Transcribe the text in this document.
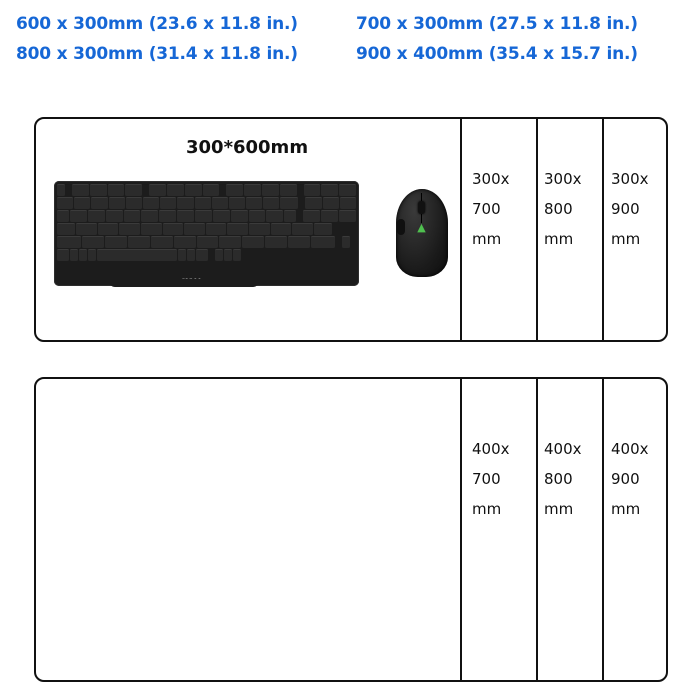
600 x 300mm (23.6 x 11.8 in.)	700 x 300mm (27.5 x 11.8 in.)
800 x 300mm (31.4 x 11.8 in.)	900 x 400mm (35.4 x 15.7 in.)
300*600mm
300x
700
mm
300x
800
mm
300x
900
mm
▲
400x
700
mm
400x
800
mm
400x
900
mm
